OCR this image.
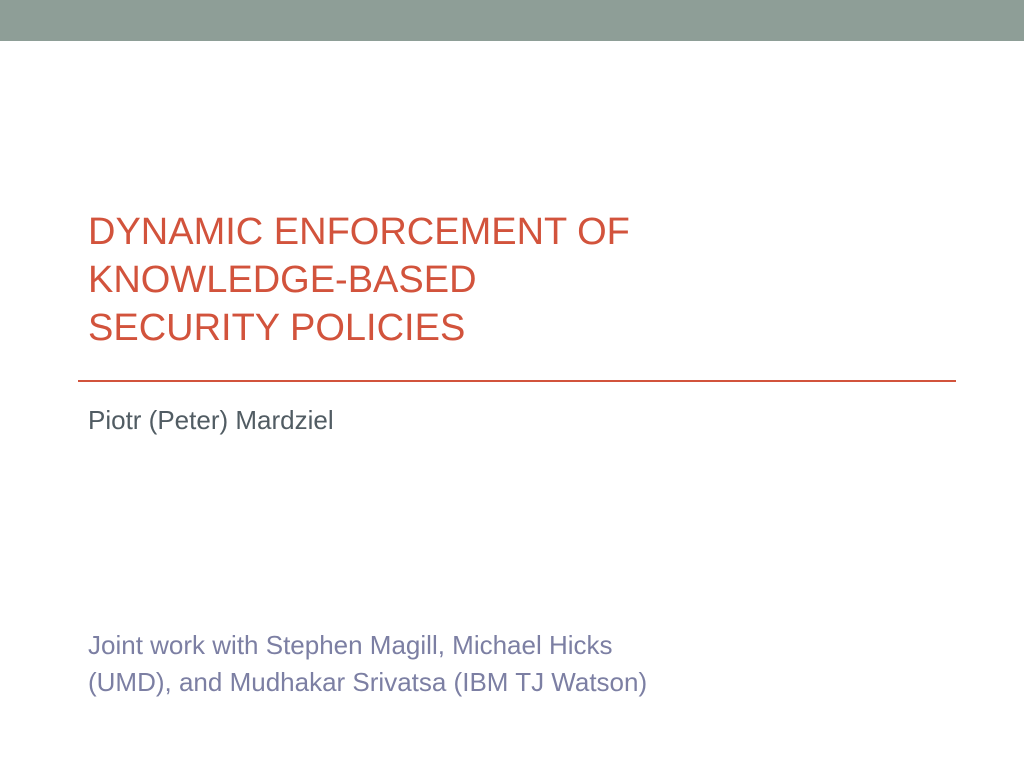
DYNAMIC ENFORCEMENT OF
KNOWLEDGE-BASED
SECURITY POLICIES

Piotr (Peter) Mardziel

Joint work with Stephen Magill, Michael Hicks
(UMD), and Mudhakar Srivatsa (IBM TJ Watson)
